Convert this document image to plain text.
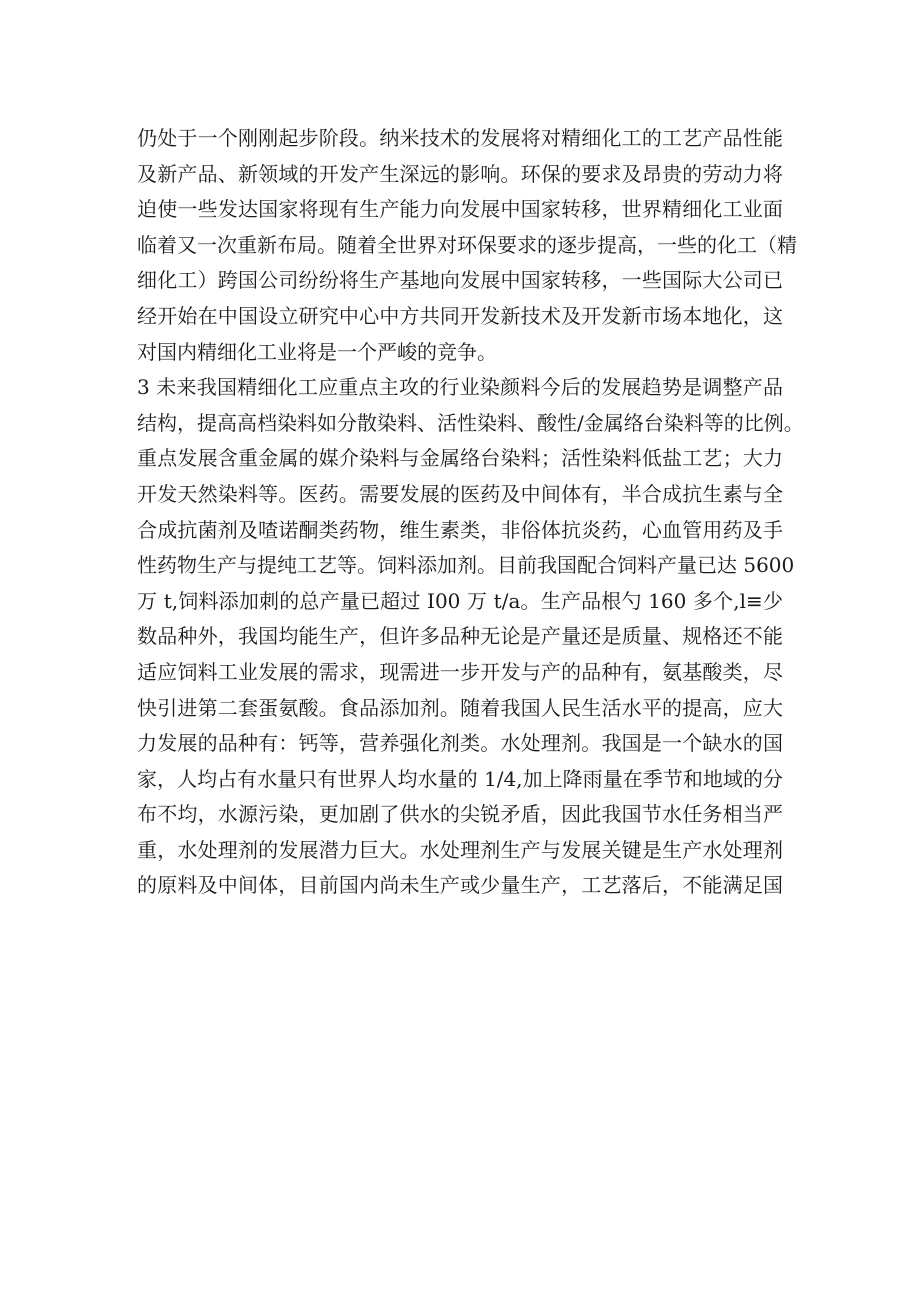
仍处于一个刚刚起步阶段。纳米技术的发展将对精细化工的工艺产品性能
及新产品、新领域的开发产生深远的影响。环保的要求及昂贵的劳动力将
迫使一些发达国家将现有生产能力向发展中国家转移，世界精细化工业面
临着又一次重新布局。随着全世界对环保要求的逐步提高，一些的化工（精
细化工）跨国公司纷纷将生产基地向发展中国家转移，一些国际大公司已
经开始在中国设立研究中心中方共同开发新技术及开发新市场本地化，这
对国内精细化工业将是一个严峻的竞争。
3 未来我国精细化工应重点主攻的行业染颜料今后的发展趋势是调整产品
结构，提高高档染料如分散染料、活性染料、酸性/金属络台染料等的比例。
重点发展含重金属的媒介染料与金属络台染料；活性染料低盐工艺；大力
开发天然染料等。医药。需要发展的医药及中间体有，半合成抗生素与全
合成抗菌剂及喳诺酮类药物，维生素类，非俗体抗炎药，心血管用药及手
性药物生产与提纯工艺等。饲料添加剂。目前我国配合饲料产量已达 5600
万 t,饲料添加刺的总产量已超过 I00 万 t/a。生产品根勺 160 多个,l≡少
数品种外，我国均能生产，但许多品种无论是产量还是质量、规格还不能
适应饲料工业发展的需求，现需进一步开发与产的品种有，氨基酸类，尽
快引进第二套蛋氨酸。食品添加剂。随着我国人民生活水平的提高，应大
力发展的品种有：钙等，营养强化剂类。水处理剂。我国是一个缺水的国
家，人均占有水量只有世界人均水量的 1/4,加上降雨量在季节和地域的分
布不均，水源污染，更加剧了供水的尖锐矛盾，因此我国节水任务相当严
重，水处理剂的发展潜力巨大。水处理剂生产与发展关键是生产水处理剂
的原料及中间体，目前国内尚未生产或少量生产，工艺落后，不能满足国
